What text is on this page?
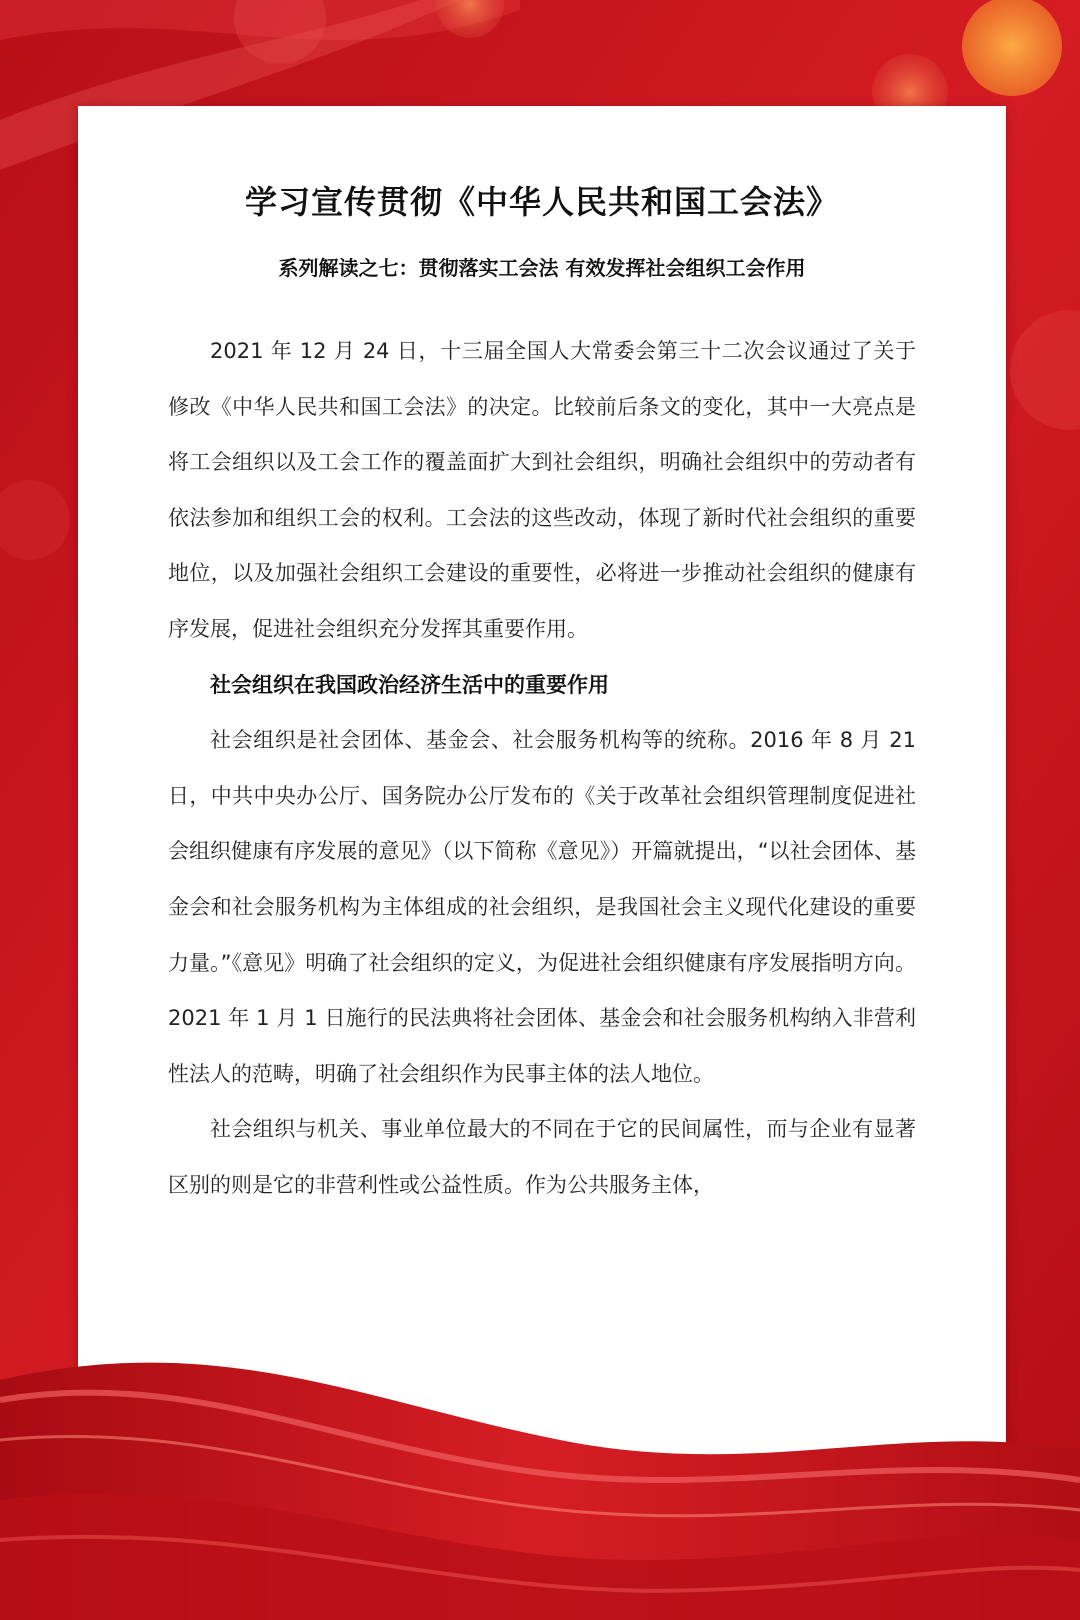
学习宣传贯彻《中华人民共和国工会法》
系列解读之七：贯彻落实工会法 有效发挥社会组织工会作用

2021 年 12 月 24 日，十三届全国人大常委会第三十二次会议通过了关于修改《中华人民共和国工会法》的决定。比较前后条文的变化，其中一大亮点是将工会组织以及工会工作的覆盖面扩大到社会组织，明确社会组织中的劳动者有依法参加和组织工会的权利。工会法的这些改动，体现了新时代社会组织的重要地位，以及加强社会组织工会建设的重要性，必将进一步推动社会组织的健康有序发展，促进社会组织充分发挥其重要作用。

社会组织在我国政治经济生活中的重要作用

社会组织是社会团体、基金会、社会服务机构等的统称。2016 年 8 月 21 日，中共中央办公厅、国务院办公厅发布的《关于改革社会组织管理制度促进社会组织健康有序发展的意见》（以下简称《意见》）开篇就提出，“以社会团体、基金会和社会服务机构为主体组成的社会组织，是我国社会主义现代化建设的重要力量。”《意见》明确了社会组织的定义，为促进社会组织健康有序发展指明方向。2021 年 1 月 1 日施行的民法典将社会团体、基金会和社会服务机构纳入非营利性法人的范畴，明确了社会组织作为民事主体的法人地位。

社会组织与机关、事业单位最大的不同在于它的民间属性，而与企业有显著区别的则是它的非营利性或公益性质。作为公共服务主体，
